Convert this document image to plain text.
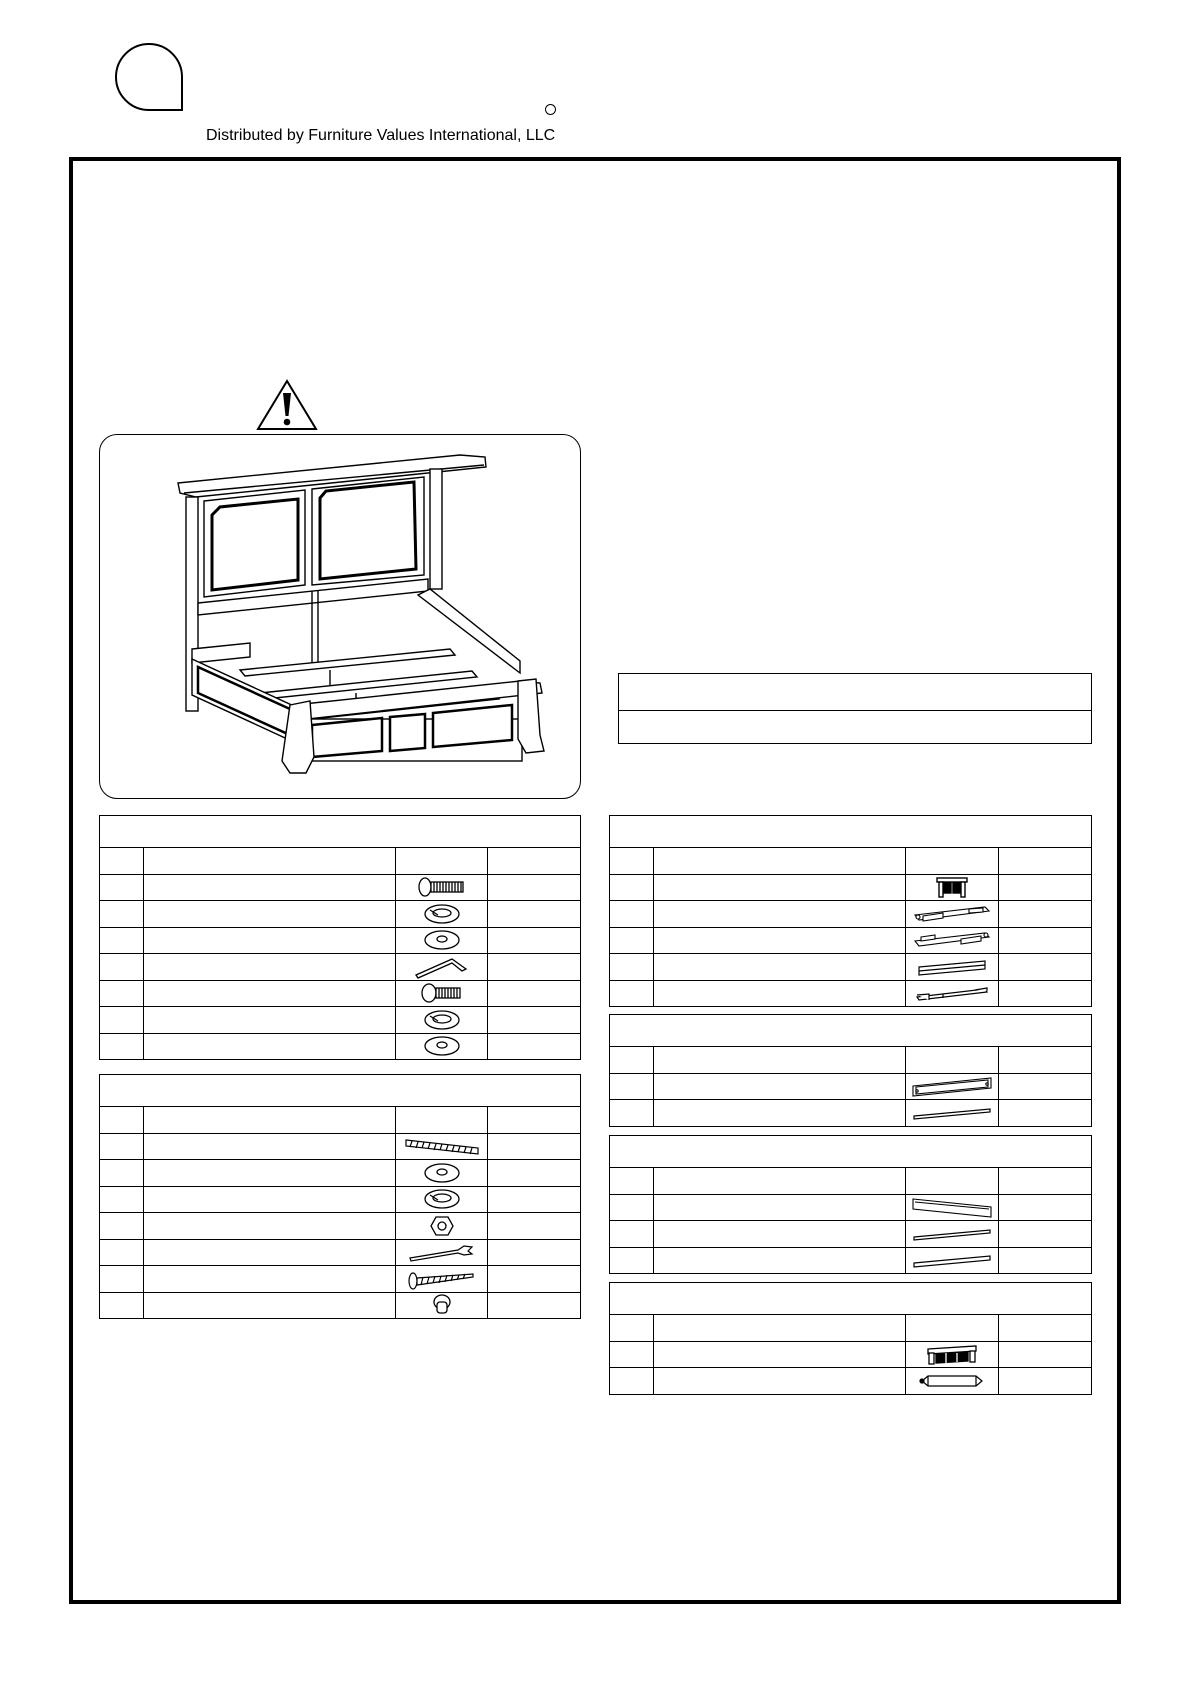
Distributed by Furniture Values International, LLC
